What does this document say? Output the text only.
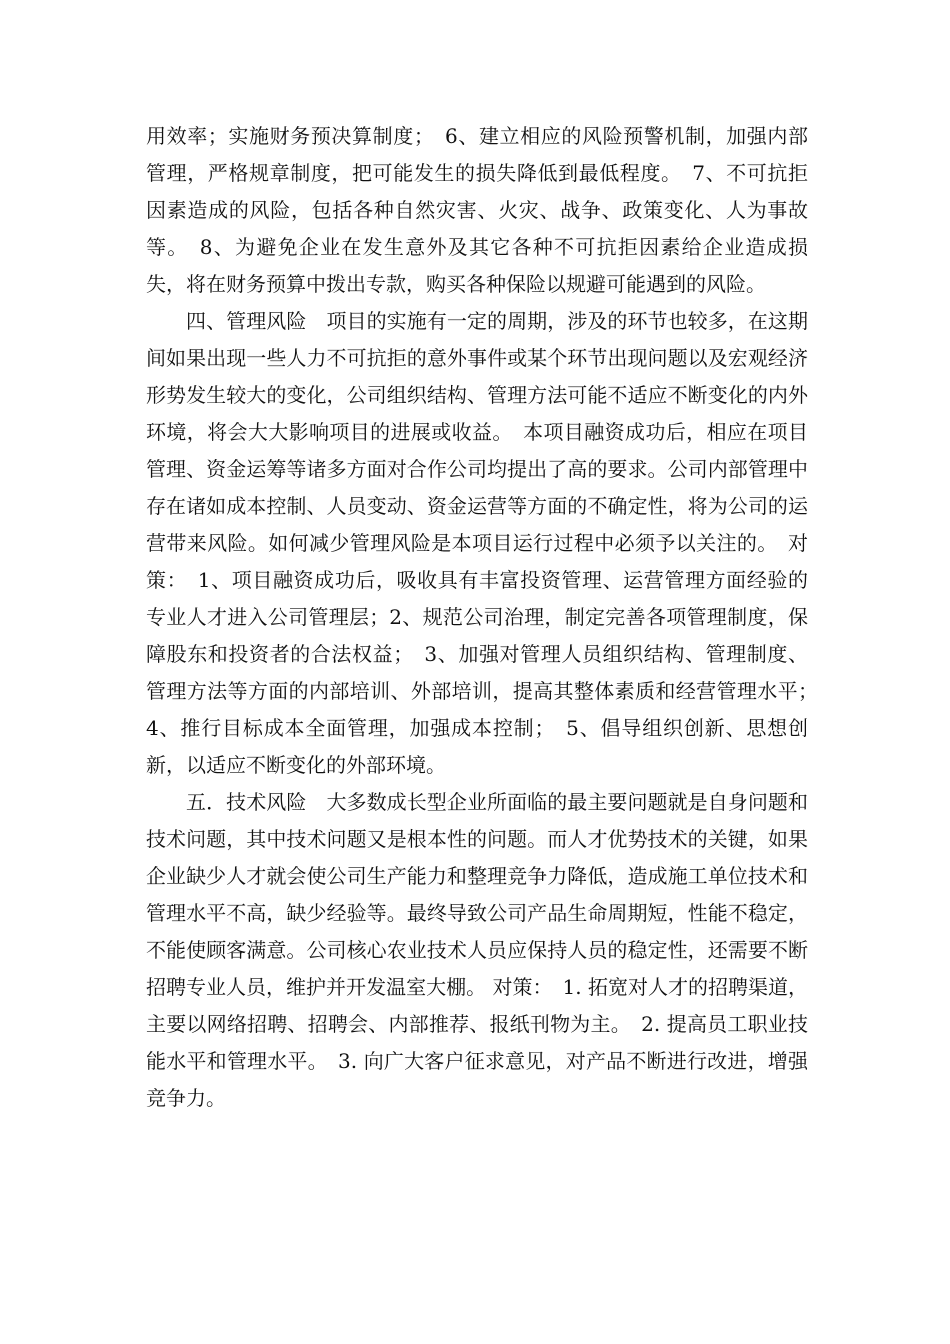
用效率；实施财务预决算制度；　6、建立相应的风险预警机制，加强内部管理，严格规章制度，把可能发生的损失降低到最低程度。　7、不可抗拒因素造成的风险，包括各种自然灾害、火灾、战争、政策变化、人为事故等。　8、为避免企业在发生意外及其它各种不可抗拒因素给企业造成损失，将在财务预算中拨出专款，购买各种保险以规避可能遇到的风险。

四、管理风险　项目的实施有一定的周期，涉及的环节也较多，在这期间如果出现一些人力不可抗拒的意外事件或某个环节出现问题以及宏观经济形势发生较大的变化，公司组织结构、管理方法可能不适应不断变化的内外环境，将会大大影响项目的进展或收益。　本项目融资成功后，相应在项目管理、资金运筹等诸多方面对合作公司均提出了高的要求。公司内部管理中存在诸如成本控制、人员变动、资金运营等方面的不确定性，将为公司的运营带来风险。如何减少管理风险是本项目运行过程中必须予以关注的。　对策：　1、项目融资成功后，吸收具有丰富投资管理、运营管理方面经验的专业人才进入公司管理层；2、规范公司治理，制定完善各项管理制度，保障股东和投资者的合法权益；　3、加强对管理人员组织结构、管理制度、管理方法等方面的内部培训、外部培训，提高其整体素质和经营管理水平；　4、推行目标成本全面管理，加强成本控制；　5、倡导组织创新、思想创新，以适应不断变化的外部环境。

五．技术风险　大多数成长型企业所面临的最主要问题就是自身问题和技术问题，其中技术问题又是根本性的问题。而人才优势技术的关键，如果企业缺少人才就会使公司生产能力和整理竞争力降低，造成施工单位技术和管理水平不高，缺少经验等。最终导致公司产品生命周期短，性能不稳定，不能使顾客满意。公司核心农业技术人员应保持人员的稳定性，还需要不断招聘专业人员，维护并开发温室大棚。 对策：　1. 拓宽对人才的招聘渠道，主要以网络招聘、招聘会、内部推荐、报纸刊物为主。　2. 提高员工职业技能水平和管理水平。　3. 向广大客户征求意见，对产品不断进行改进，增强竞争力。
